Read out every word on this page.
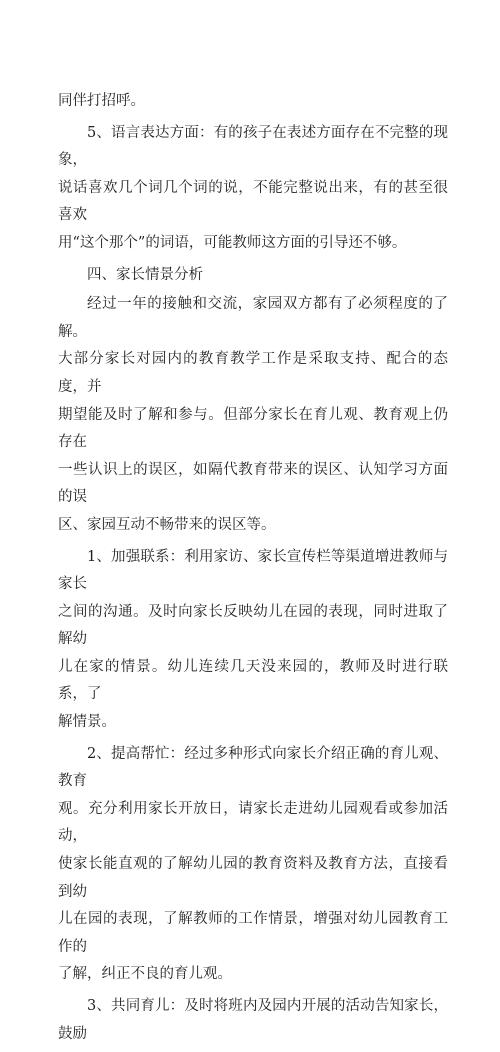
同伴打招呼。

5、语言表达方面：有的孩子在表述方面存在不完整的现象，
说话喜欢几个词几个词的说，不能完整说出来，有的甚至很喜欢
用“这个那个”的词语，可能教师这方面的引导还不够。

四、家长情景分析

经过一年的接触和交流，家园双方都有了必须程度的了解。
大部分家长对园内的教育教学工作是采取支持、配合的态度，并
期望能及时了解和参与。但部分家长在育儿观、教育观上仍存在
一些认识上的误区，如隔代教育带来的误区、认知学习方面的误
区、家园互动不畅带来的误区等。

1、加强联系：利用家访、家长宣传栏等渠道增进教师与家长
之间的沟通。及时向家长反映幼儿在园的表现，同时进取了解幼
儿在家的情景。幼儿连续几天没来园的，教师及时进行联系，了
解情景。

2、提高帮忙：经过多种形式向家长介绍正确的育儿观、教育
观。充分利用家长开放日，请家长走进幼儿园观看或参加活动，
使家长能直观的了解幼儿园的教育资料及教育方法，直接看到幼
儿在园的表现，了解教师的工作情景，增强对幼儿园教育工作的
了解，纠正不良的育儿观。

3、共同育儿：及时将班内及园内开展的活动告知家长，鼓励
